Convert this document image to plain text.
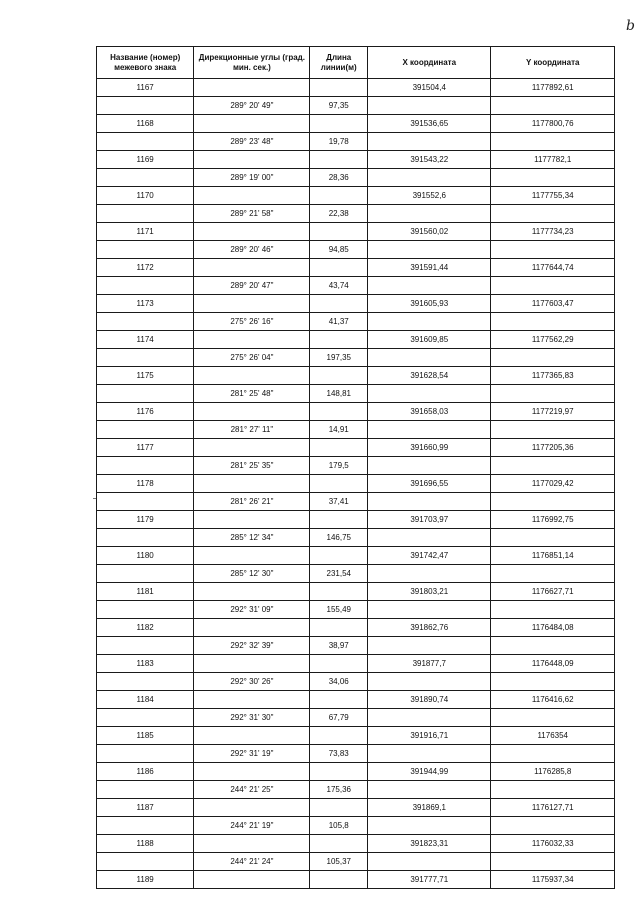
b
Название (номер) межевого знака	Дирекционные углы (град. мин. сек.)	Длина линии(м)	X координата	Y координата
1167			391504,4	1177892,61
	289° 20' 49"	97,35		
1168			391536,65	1177800,76
	289° 23' 48"	19,78		
1169			391543,22	1177782,1
	289° 19' 00"	28,36		
1170			391552,6	1177755,34
	289° 21' 58"	22,38		
1171			391560,02	1177734,23
	289° 20' 46"	94,85		
1172			391591,44	1177644,74
	289° 20' 47"	43,74		
1173			391605,93	1177603,47
	275° 26' 16"	41,37		
1174			391609,85	1177562,29
	275° 26' 04"	197,35		
1175			391628,54	1177365,83
	281° 25' 48"	148,81		
1176			391658,03	1177219,97
	281° 27' 11"	14,91		
1177			391660,99	1177205,36
	281° 25' 35"	179,5		
1178			391696,55	1177029,42
	281° 26' 21"	37,41		
1179			391703,97	1176992,75
	285° 12' 34"	146,75		
1180			391742,47	1176851,14
	285° 12' 30"	231,54		
1181			391803,21	1176627,71
	292° 31' 09"	155,49		
1182			391862,76	1176484,08
	292° 32' 39"	38,97		
1183			391877,7	1176448,09
	292° 30' 26"	34,06		
1184			391890,74	1176416,62
	292° 31' 30"	67,79		
1185			391916,71	1176354
	292° 31' 19"	73,83		
1186			391944,99	1176285,8
	244° 21' 25"	175,36		
1187			391869,1	1176127,71
	244° 21' 19"	105,8		
1188			391823,31	1176032,33
	244° 21' 24"	105,37		
1189			391777,71	1175937,34
